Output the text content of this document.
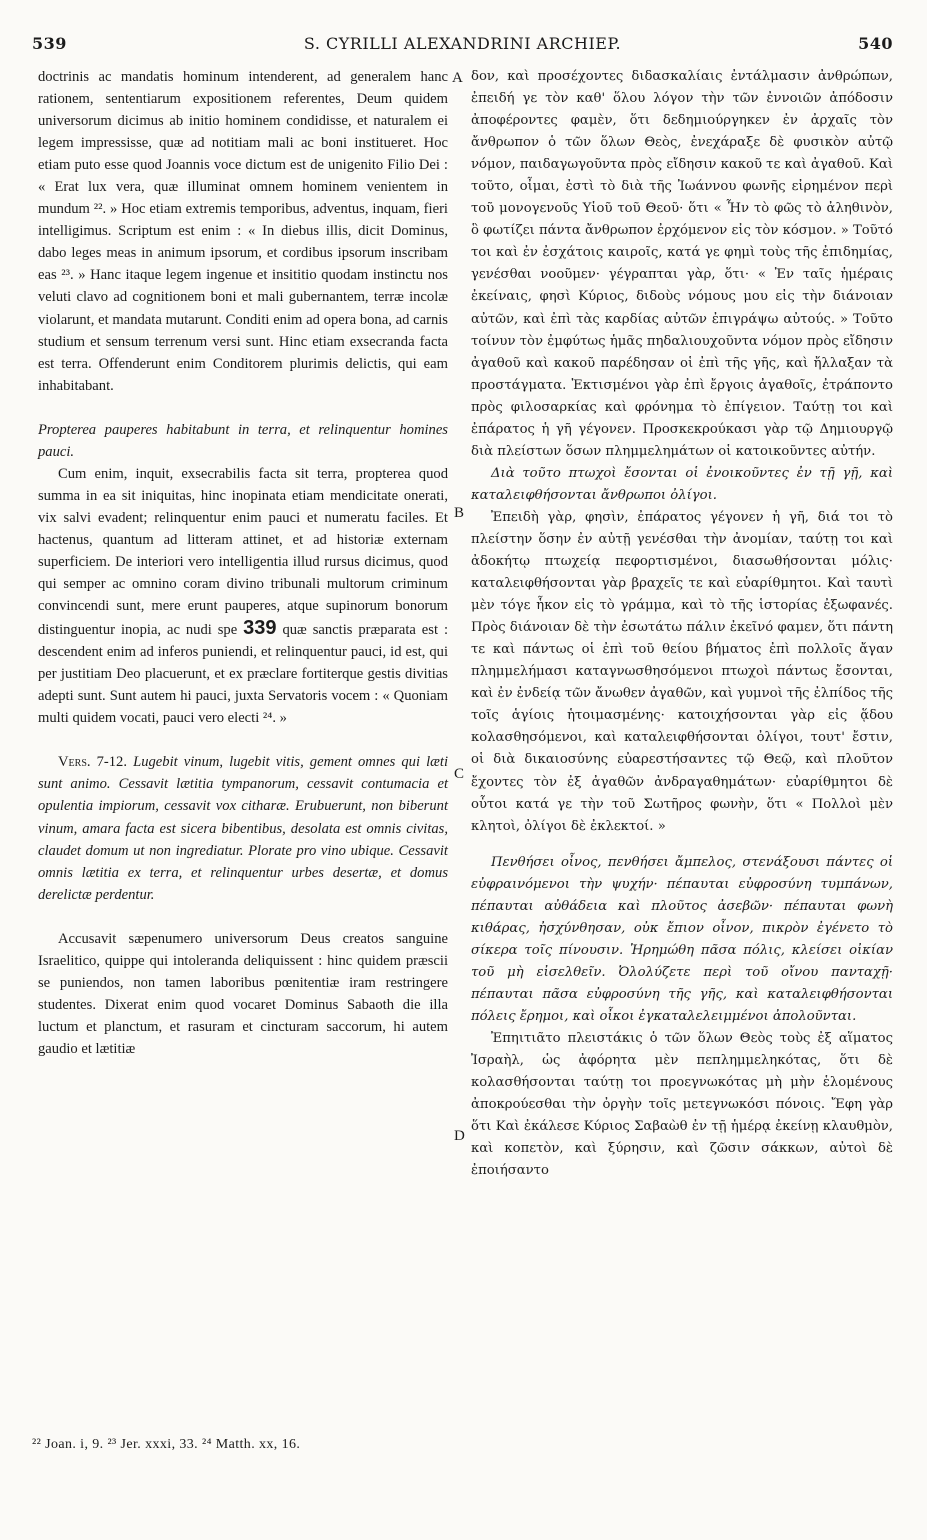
539	S. CYRILLI ALEXANDRINI ARCHIEP.	540

doctrinis ac mandatis hominum intenderent, ad generalem hanc rationem, sententiarum expositionem referentes, Deum quidem universorum dicimus ab initio hominem condidisse, et naturalem ei legem impressisse, quæ ad notitiam mali ac boni institueret. Hoc etiam puto esse quod Joannis voce dictum est de unigenito Filio Dei : « Erat lux vera, quæ illuminat omnem hominem venientem in mundum ²². » Hoc etiam extremis temporibus, adventus, inquam, fieri intelligimus. Scriptum est enim : « In diebus illis, dicit Dominus, dabo leges meas in animum ipsorum, et cordibus ipsorum inscribam eas ²³. » Hanc itaque legem ingenue et insititio quodam instinctu nos veluti clavo ad cognitionem boni et mali gubernantem, terræ incolæ violarunt, et mandata mutarunt. Conditi enim ad opera bona, ad carnis studium et sensum terrenum versi sunt. Hinc etiam exsecranda facta est terra. Offenderunt enim Conditorem plurimis delictis, qui eam inhabitabant.

Propterea pauperes habitabunt in terra, et relinquentur homines pauci.

Cum enim, inquit, exsecrabilis facta sit terra, propterea quod summa in ea sit iniquitas, hinc inopinata etiam mendicitate onerati, vix salvi evadent; relinquentur enim pauci et numeratu faciles. Et hactenus, quantum ad litteram attinet, et ad historiæ externam superficiem. De interiori vero intelligentia illud rursus dicimus, quod qui semper ac omnino coram divino tribunali multorum criminum convincendi sunt, mere erunt pauperes, atque supinorum bonorum distinguentur inopia, ac nudi spe 339 quæ sanctis præparata est : descendent enim ad inferos puniendi, et relinquentur pauci, id est, qui per justitiam Deo placuerunt, et ex præclare fortiterque gestis divitias adepti sunt. Sunt autem hi pauci, juxta Servatoris vocem : « Quoniam multi quidem vocati, pauci vero electi ²⁴. »

Vers. 7-12. Lugebit vinum, lugebit vitis, gement omnes qui læti sunt animo. Cessavit lætitia tympanorum, cessavit contumacia et opulentia impiorum, cessavit vox citharæ. Erubuerunt, non biberunt vinum, amara facta est sicera bibentibus, desolata est omnis civitas, claudet domum ut non ingrediatur. Plorate pro vino ubique. Cessavit omnis lætitia ex terra, et relinquentur urbes desertæ, et domus derelictæ perdentur.

Accusavit sæpenumero universorum Deus creatos sanguine Israelitico, quippe qui intoleranda deliquissent : hinc quidem præscii se puniendos, non tamen laboribus pœnitentiæ iram restringere studentes. Dixerat enim quod vocaret Dominus Sabaoth die illa luctum et planctum, et rasuram et cincturam saccorum, hi autem gaudio et lætitiæ

δον, καὶ προσέχοντες διδασκαλίαις ἐντάλμασιν ἀνθρώπων, ἐπειδή γε τὸν καθ' ὅλου λόγον τὴν τῶν ἐννοιῶν ἀπόδοσιν ἀποφέροντες φαμὲν, ὅτι δεδημιούργηκεν ἐν ἀρχαῖς τὸν ἄνθρωπον ὁ τῶν ὅλων Θεὸς, ἐνεχάραξε δὲ φυσικὸν αὐτῷ νόμον, παιδαγωγοῦντα πρὸς εἴδησιν κακοῦ τε καὶ ἀγαθοῦ. Καὶ τοῦτο, οἶμαι, ἐστὶ τὸ διὰ τῆς Ἰωάννου φωνῆς εἰρημένον περὶ τοῦ μονογενοῦς Υἱοῦ τοῦ Θεοῦ· ὅτι « Ἦν τὸ φῶς τὸ ἀληθινὸν, ὃ φωτίζει πάντα ἄνθρωπον ἐρχόμενον εἰς τὸν κόσμον. » Τοῦτό τοι καὶ ἐν ἐσχάτοις καιροῖς, κατά γε φημὶ τοὺς τῆς ἐπιδημίας, γενέσθαι νοοῦμεν· γέγραπται γὰρ, ὅτι· « Ἐν ταῖς ἡμέραις ἐκείναις, φησὶ Κύριος, διδοὺς νόμους μου εἰς τὴν διάνοιαν αὐτῶν, καὶ ἐπὶ τὰς καρδίας αὐτῶν ἐπιγράψω αὐτούς. » Τοῦτο τοίνυν τὸν ἐμφύτως ἡμᾶς πηδαλιουχοῦντα νόμον πρὸς εἴδησιν ἀγαθοῦ καὶ κακοῦ παρέδησαν οἱ ἐπὶ τῆς γῆς, καὶ ἤλλαξαν τὰ προστάγματα. Ἐκτισμένοι γὰρ ἐπὶ ἔργοις ἀγαθοῖς, ἐτράποντο πρὸς φιλοσαρκίας καὶ φρόνημα τὸ ἐπίγειον. Ταύτῃ τοι καὶ ἐπάρατος ἡ γῆ γέγονεν. Προσκεκρούκασι γὰρ τῷ Δημιουργῷ διὰ πλείστων ὅσων πλημμελημάτων οἱ κατοικοῦντες αὐτήν.

Διὰ τοῦτο πτωχοὶ ἔσονται οἱ ἐνοικοῦντες ἐν τῇ γῇ, καὶ καταλειφθήσονται ἄνθρωποι ὀλίγοι.

Ἐπειδὴ γὰρ, φησὶν, ἐπάρατος γέγονεν ἡ γῆ, διά τοι τὸ πλείστην ὅσην ἐν αὐτῇ γενέσθαι τὴν ἀνομίαν, ταύτῃ τοι καὶ ἀδοκήτῳ πτωχείᾳ πεφορτισμένοι, διασωθήσονται μόλις· καταλειφθήσονται γὰρ βραχεῖς τε καὶ εὐαρίθμητοι. Καὶ ταυτὶ μὲν τόγε ἧκον εἰς τὸ γράμμα, καὶ τὸ τῆς ἱστορίας ἐξωφανές. Πρὸς διάνοιαν δὲ τὴν ἐσωτάτω πάλιν ἐκεῖνό φαμεν, ὅτι πάντη τε καὶ πάντως οἱ ἐπὶ τοῦ θείου βήματος ἐπὶ πολλοῖς ἄγαν πλημμελήμασι καταγνωσθησόμενοι πτωχοὶ πάντως ἔσονται, καὶ ἐν ἐνδείᾳ τῶν ἄνωθεν ἀγαθῶν, καὶ γυμνοὶ τῆς ἐλπίδος τῆς τοῖς ἁγίοις ἡτοιμασμένης· κατοιχήσονται γὰρ εἰς ᾅδου κολασθησόμενοι, καὶ καταλειφθήσονται ὀλίγοι, τουτ' ἔστιν, οἱ διὰ δικαιοσύνης εὐαρεστήσαντες τῷ Θεῷ, καὶ πλοῦτον ἔχοντες τὸν ἐξ ἀγαθῶν ἀνδραγαθημάτων· εὐαρίθμητοι δὲ οὗτοι κατά γε τὴν τοῦ Σωτῆρος φωνὴν, ὅτι « Πολλοὶ μὲν κλητοὶ, ὀλίγοι δὲ ἐκλεκτοί. »

Πενθήσει οἶνος, πενθήσει ἄμπελος, στενάξουσι πάντες οἱ εὐφραινόμενοι τὴν ψυχήν· πέπαυται εὐφροσύνη τυμπάνων, πέπαυται αὐθάδεια καὶ πλοῦτος ἀσεβῶν· πέπαυται φωνὴ κιθάρας, ἠσχύνθησαν, οὐκ ἔπιον οἶνον, πικρὸν ἐγένετο τὸ σίκερα τοῖς πίνουσιν. Ἠρημώθη πᾶσα πόλις, κλείσει οἰκίαν τοῦ μὴ εἰσελθεῖν. Ὀλολύζετε περὶ τοῦ οἴνου πανταχῇ· πέπαυται πᾶσα εὐφροσύνη τῆς γῆς, καὶ καταλειφθήσονται πόλεις ἔρημοι, καὶ οἶκοι ἐγκαταλελειμμένοι ἀπολοῦνται.

Ἐπηιτιᾶτο πλειστάκις ὁ τῶν ὅλων Θεὸς τοὺς ἐξ αἵματος Ἰσραὴλ, ὡς ἀφόρητα μὲν πεπλημμεληκότας, ὅτι δὲ κολασθήσονται ταύτῃ τοι προεγνωκότας μὴ μὴν ἑλομένους ἀποκρούεσθαι τὴν ὀργὴν τοῖς μετεγνωκόσι πόνοις. Ἔφη γὰρ ὅτι Καὶ ἐκάλεσε Κύριος Σαβαὼθ ἐν τῇ ἡμέρᾳ ἐκείνῃ κλαυθμὸν, καὶ κοπετὸν, καὶ ξύρησιν, καὶ ζῶσιν σάκκων, αὐτοὶ δὲ ἐποιήσαντο

A
B
C
D
²² Joan. i, 9. ²³ Jer. xxxi, 33. ²⁴ Matth. xx, 16.
